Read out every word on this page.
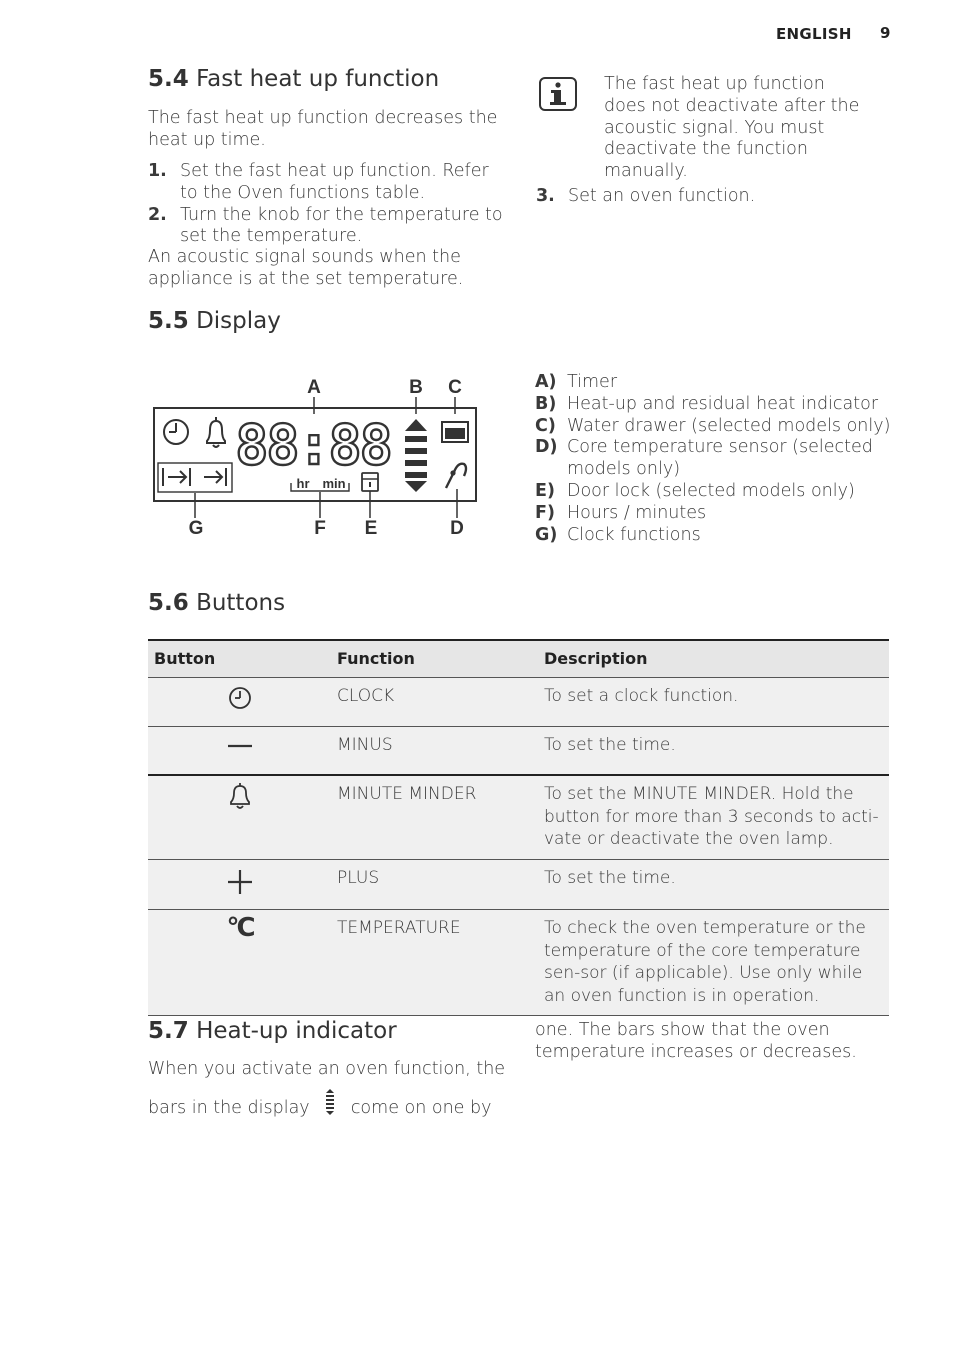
ENGLISH 9
5.4 Fast heat up function
The fast heat up function decreases the heat up time.
1. Set the fast heat up function. Refer to the Oven functions table.
2. Turn the knob for the temperature to set the temperature.
An acoustic signal sounds when the appliance is at the set temperature.
The fast heat up function does not deactivate after the acoustic signal. You must deactivate the function manually.
3. Set an oven function.
5.5 Display
A	B C
88:88
hr min
G	F E	D
A) Timer
B) Heat-up and residual heat indicator
C) Water drawer (selected models only)
D) Core temperature sensor (selected models only)
E) Door lock (selected models only)
F) Hours / minutes
G) Clock functions
5.6 Buttons
Button	Function	Description
	CLOCK	To set a clock function.
	MINUS	To set the time.
	MINUTE MINDER	To set the MINUTE MINDER. Hold the button for more than 3 seconds to acti-vate or deactivate the oven lamp.
	PLUS	To set the time.
°C	TEMPERATURE	To check the oven temperature or the temperature of the core temperature sen-sor (if applicable). Use only while an oven function is in operation.
5.7 Heat-up indicator
When you activate an oven function, the
bars in the display come on one by
one. The bars show that the oven temperature increases or decreases.
